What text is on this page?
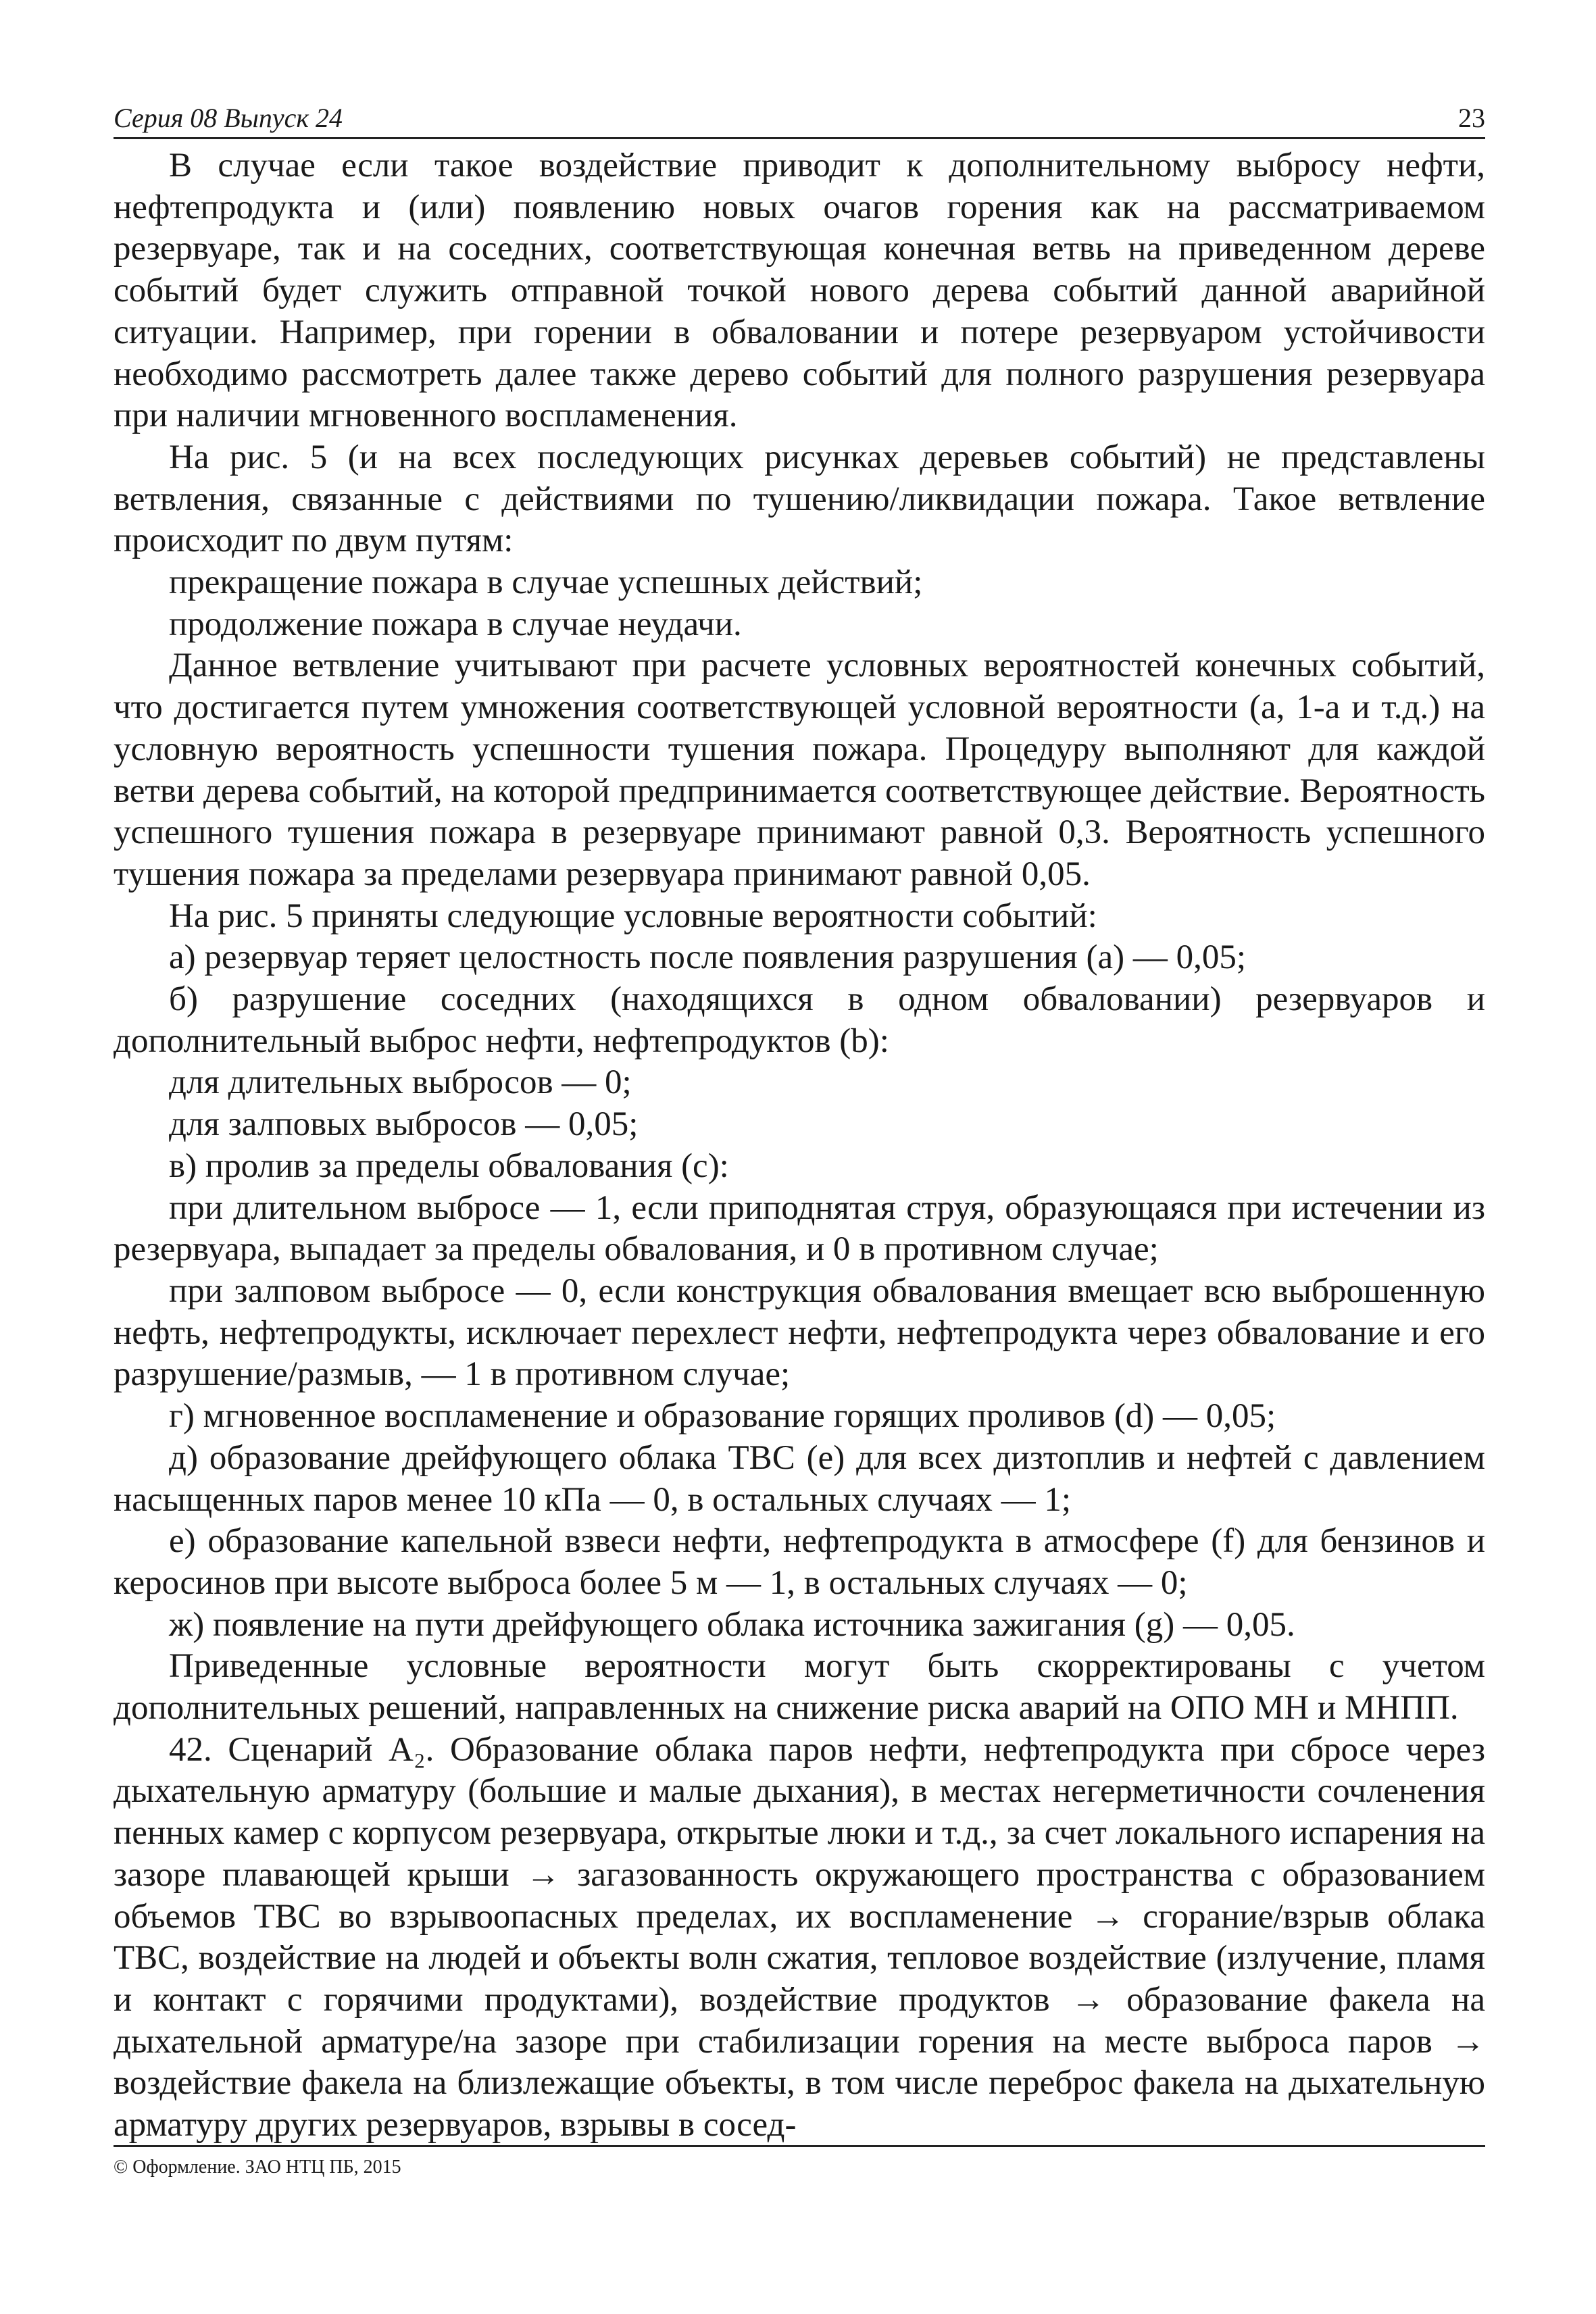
Серия 08 Выпуск 24	23

В случае если такое воздействие приводит к дополнительному выбросу нефти, нефтепродукта и (или) появлению новых очагов горения как на рассматриваемом резервуаре, так и на соседних, соответствующая конечная ветвь на приведенном дереве событий будет служить отправной точкой нового дерева событий данной аварийной ситуации. Например, при горении в обваловании и потере резервуаром устойчивости необходимо рассмотреть далее также дерево событий для полного разрушения резервуара при наличии мгновенного воспламенения.

На рис. 5 (и на всех последующих рисунках деревьев событий) не представлены ветвления, связанные с действиями по тушению/ликвидации пожара. Такое ветвление происходит по двум путям:

прекращение пожара в случае успешных действий;

продолжение пожара в случае неудачи.

Данное ветвление учитывают при расчете условных вероятностей конечных событий, что достигается путем умножения соответствующей условной вероятности (a, 1-a и т.д.) на условную вероятность успешности тушения пожара. Процедуру выполняют для каждой ветви дерева событий, на которой предпринимается соответствующее действие. Вероятность успешного тушения пожара в резервуаре принимают равной 0,3. Вероятность успешного тушения пожара за пределами резервуара принимают равной 0,05.

На рис. 5 приняты следующие условные вероятности событий:

а) резервуар теряет целостность после появления разрушения (a) — 0,05;

б) разрушение соседних (находящихся в одном обваловании) резервуаров и дополнительный выброс нефти, нефтепродуктов (b):

для длительных выбросов — 0;

для залповых выбросов — 0,05;

в) пролив за пределы обвалования (c):

при длительном выбросе — 1, если приподнятая струя, образующаяся при истечении из резервуара, выпадает за пределы обвалования, и 0 в противном случае;

при залповом выбросе — 0, если конструкция обвалования вмещает всю выброшенную нефть, нефтепродукты, исключает перехлест нефти, нефтепродукта через обвалование и его разрушение/размыв, — 1 в противном случае;

г) мгновенное воспламенение и образование горящих проливов (d) — 0,05;

д) образование дрейфующего облака ТВС (e) для всех дизтоплив и нефтей с давлением насыщенных паров менее 10 кПа — 0, в остальных случаях — 1;

е) образование капельной взвеси нефти, нефтепродукта в атмосфере (f) для бензинов и керосинов при высоте выброса более 5 м — 1, в остальных случаях — 0;

ж) появление на пути дрейфующего облака источника зажигания (g) — 0,05.

Приведенные условные вероятности могут быть скорректированы с учетом дополнительных решений, направленных на снижение риска аварий на ОПО МН и МНПП.

42. Сценарий А₂. Образование облака паров нефти, нефтепродукта при сбросе через дыхательную арматуру (большие и малые дыхания), в местах негерметичности сочленения пенных камер с корпусом резервуара, открытые люки и т.д., за счет локального испарения на зазоре плавающей крыши → загазованность окружающего пространства с образованием объемов ТВС во взрывоопасных пределах, их воспламенение → сгорание/взрыв облака ТВС, воздействие на людей и объекты волн сжатия, тепловое воздействие (излучение, пламя и контакт с горячими продуктами), воздействие продуктов → образование факела на дыхательной арматуре/на зазоре при стабилизации горения на месте выброса паров → воздействие факела на близлежащие объекты, в том числе переброс факела на дыхательную арматуру других резервуаров, взрывы в сосед-

© Оформление. ЗАО НТЦ ПБ, 2015
